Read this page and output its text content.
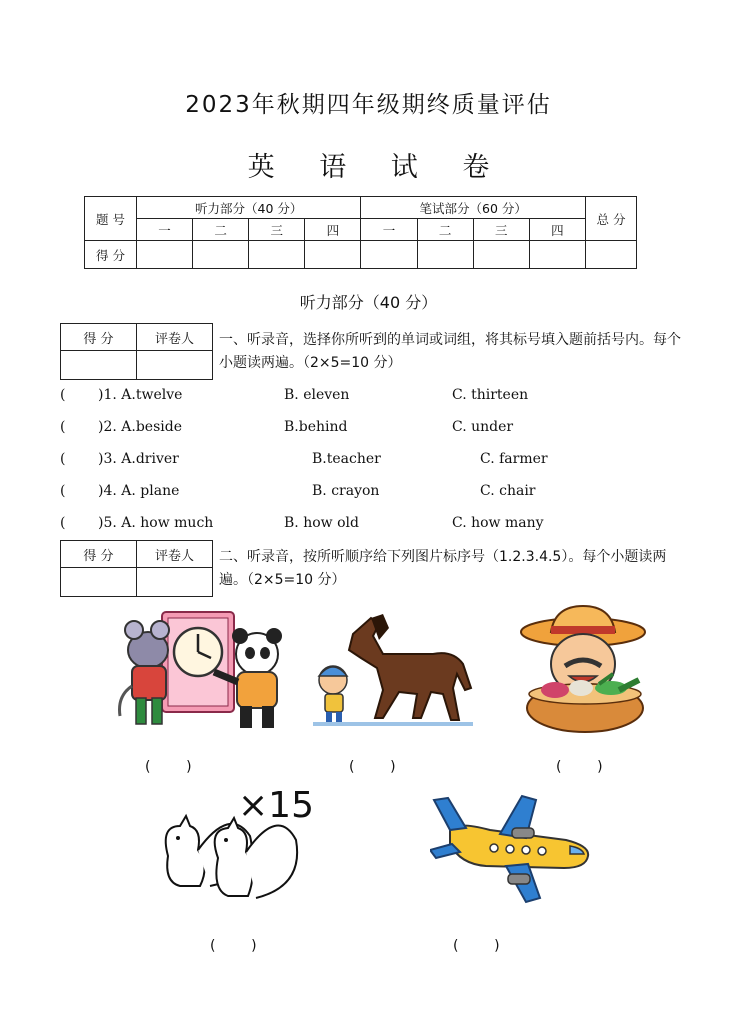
2023年秋期四年级期终质量评估
英 语 试 卷
题 号	听力部分（40 分）				笔试部分（60 分）				总 分
	一	二	三	四	一	二	三	四	
得 分									
听力部分（40 分）
得 分	评卷人
	一、听录音，选择你所听到的单词或词组，将其标号填入题前括号内。每个小题读两遍。（2×5=10 分）
( )1. A.twelve	B. eleven	C. thirteen
( )2. A.beside	B.behind	C. under
( )3. A.driver	B.teacher	C. farmer
( )4. A. plane	B. crayon	C. chair
( )5. A. how much	B. how old	C. how many
得 分	评卷人
	二、听录音，按所听顺序给下列图片标序号（1.2.3.4.5）。每个小题读两遍。（2×5=10 分）
(        )	(        )	(        )
×15
(        )	(        )
